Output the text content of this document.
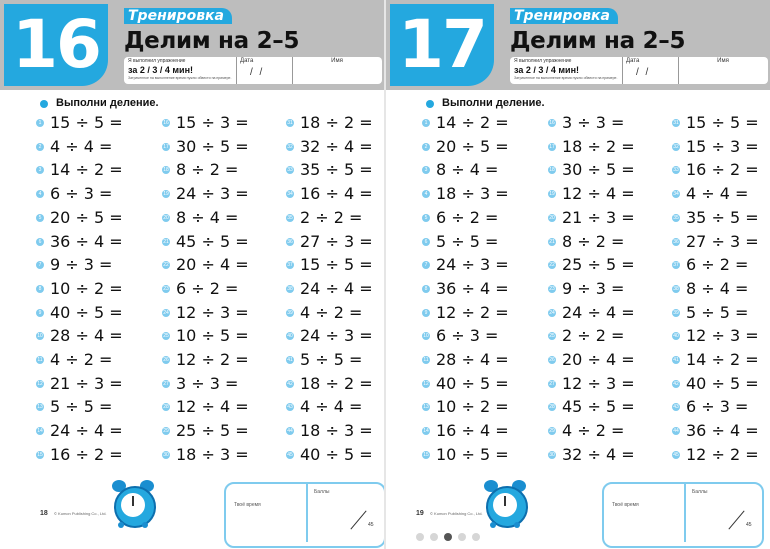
16	Тренировка
Делим на 2–5
Я выполнил упражнение
за 2 / 3 / 4 мин!
Затраченное на выполнение время нужно обвести на примере.
Дата
/ /
Имя
Выполни деление.
1 15 ÷ 5 =
2 4 ÷ 4 =
3 14 ÷ 2 =
4 6 ÷ 3 =
5 20 ÷ 5 =
6 36 ÷ 4 =
7 9 ÷ 3 =
8 10 ÷ 2 =
9 40 ÷ 5 =
10 28 ÷ 4 =
11 4 ÷ 2 =
12 21 ÷ 3 =
13 5 ÷ 5 =
14 24 ÷ 4 =
15 16 ÷ 2 =
16 15 ÷ 3 =
17 30 ÷ 5 =
18 8 ÷ 2 =
19 24 ÷ 3 =
20 8 ÷ 4 =
21 45 ÷ 5 =
22 20 ÷ 4 =
23 6 ÷ 2 =
24 12 ÷ 3 =
25 10 ÷ 5 =
26 12 ÷ 2 =
27 3 ÷ 3 =
28 12 ÷ 4 =
29 25 ÷ 5 =
30 18 ÷ 3 =
31 18 ÷ 2 =
32 32 ÷ 4 =
33 35 ÷ 5 =
34 16 ÷ 4 =
35 2 ÷ 2 =
36 27 ÷ 3 =
37 15 ÷ 5 =
38 24 ÷ 4 =
39 4 ÷ 2 =
40 24 ÷ 3 =
41 5 ÷ 5 =
42 18 ÷ 2 =
43 4 ÷ 4 =
44 18 ÷ 3 =
45 40 ÷ 5 =
18 © Kumon Publishing Co., Ltd.
Твоё время
Баллы
45
17	Тренировка
Делим на 2–5
Я выполнил упражнение
за 2 / 3 / 4 мин!
Затраченное на выполнение время нужно обвести на примере.
Дата
/ /
Имя
Выполни деление.
1 14 ÷ 2 =
2 20 ÷ 5 =
3 8 ÷ 4 =
4 18 ÷ 3 =
5 6 ÷ 2 =
6 5 ÷ 5 =
7 24 ÷ 3 =
8 36 ÷ 4 =
9 12 ÷ 2 =
10 6 ÷ 3 =
11 28 ÷ 4 =
12 40 ÷ 5 =
13 10 ÷ 2 =
14 16 ÷ 4 =
15 10 ÷ 5 =
16 3 ÷ 3 =
17 18 ÷ 2 =
18 30 ÷ 5 =
19 12 ÷ 4 =
20 21 ÷ 3 =
21 8 ÷ 2 =
22 25 ÷ 5 =
23 9 ÷ 3 =
24 24 ÷ 4 =
25 2 ÷ 2 =
26 20 ÷ 4 =
27 12 ÷ 3 =
28 45 ÷ 5 =
29 4 ÷ 2 =
30 32 ÷ 4 =
31 15 ÷ 5 =
32 15 ÷ 3 =
33 16 ÷ 2 =
34 4 ÷ 4 =
35 35 ÷ 5 =
36 27 ÷ 3 =
37 6 ÷ 2 =
38 8 ÷ 4 =
39 5 ÷ 5 =
40 12 ÷ 3 =
41 14 ÷ 2 =
42 40 ÷ 5 =
43 6 ÷ 3 =
44 36 ÷ 4 =
45 12 ÷ 2 =
19 © Kumon Publishing Co., Ltd.
Твоё время
Баллы
45
